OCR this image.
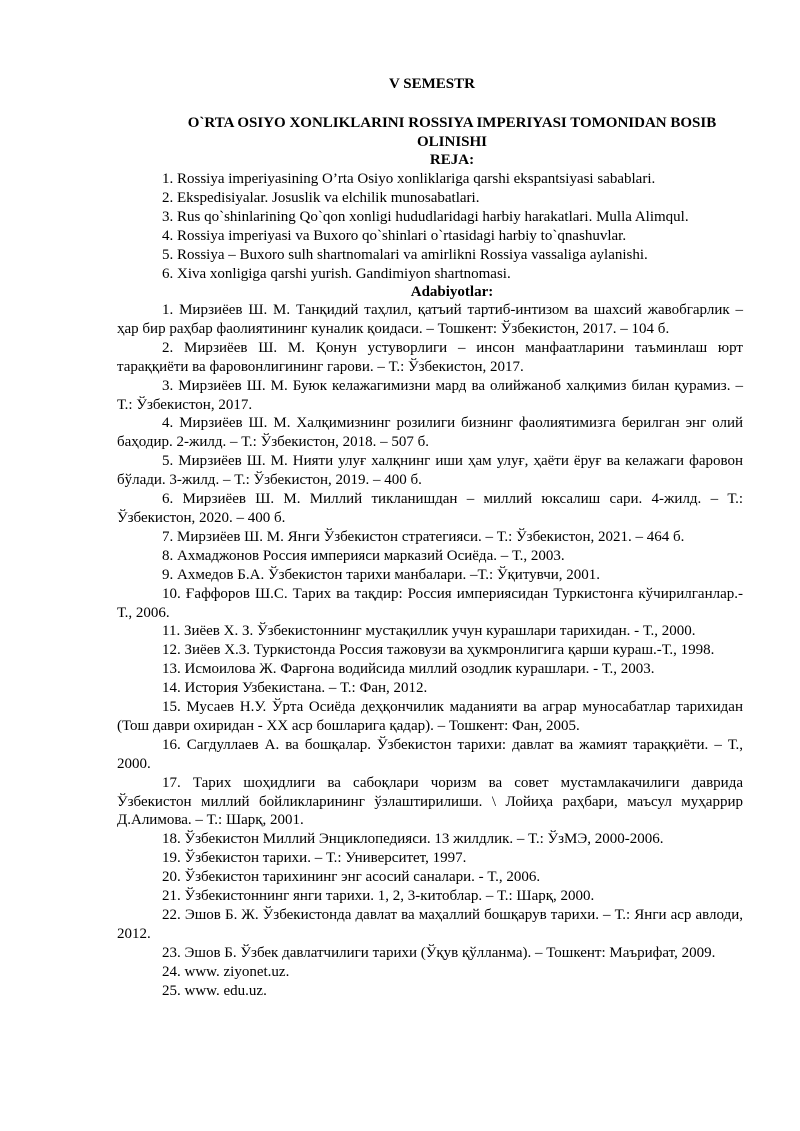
V SEMESTR
O`RTA OSIYO XONLIKLARINI ROSSIYA IMPERIYASI TOMONIDAN BOSIB OLINISHI
REJA:
1. Rossiya imperiyasining O’rta Osiyo xonliklariga qarshi ekspantsiyasi sabablari.
2. Ekspedisiyalar. Josuslik va elchilik munosabatlari.
3. Rus qo`shinlarining Qo`qon xonligi hududlaridagi harbiy harakatlari. Mulla Alimqul.
4. Rossiya imperiyasi va Buxoro qo`shinlari o`rtasidagi harbiy to`qnashuvlar.
5. Rossiya – Buxoro sulh shartnomalari va amirlikni Rossiya vassaliga aylanishi.
6. Xiva xonligiga qarshi yurish. Gandimiyon shartnomasi.
Adabiyotlar:
1. Мирзиёев Ш. М. Танқидий таҳлил, қатъий тартиб-интизом ва шахсий жавобгарлик – ҳар бир раҳбар фаолиятининг куналик қоидаси. – Тошкент: Ўзбекистон, 2017. – 104 б.
2. Мирзиёев Ш. М. Қонун устуворлиги – инсон манфаатларини таъминлаш юрт тараққиёти ва фаровонлигининг гарови. – Т.: Ўзбекистон, 2017.
3. Мирзиёев Ш. М. Буюк келажагимизни мард ва олийжаноб халқимиз билан қурамиз. – Т.: Ўзбекистон, 2017.
4. Мирзиёев Ш. М. Халқимизнинг розилиги бизнинг фаолиятимизга берилган энг олий баҳодир. 2-жилд. – Т.: Ўзбекистон, 2018. – 507 б.
5. Мирзиёев Ш. М. Нияти улуғ халқнинг иши ҳам улуғ, ҳаёти ёруғ ва келажаги фаровон бўлади. 3-жилд. – Т.: Ўзбекистон, 2019. – 400 б.
6. Мирзиёев Ш. М. Миллий тикланишдан – миллий юксалиш сари. 4-жилд. – Т.: Ўзбекистон, 2020. – 400 б.
7. Мирзиёев Ш. М. Янги Ўзбекистон стратегияси. – Т.: Ўзбекистон, 2021. – 464 б.
8. Ахмаджонов Россия империяси марказий Осиёда. – Т., 2003.
9. Ахмедов Б.А. Ўзбекистон тарихи манбалари. –Т.: Ўқитувчи, 2001.
10. Ғаффоров Ш.С. Тарих ва тақдир: Россия империясидан Туркистонга кўчирилганлар.-Т., 2006.
11. Зиёев Х. З. Ўзбекистоннинг мустақиллик учун курашлари тарихидан. - Т., 2000.
12. Зиёев Х.З. Туркистонда Россия тажовузи ва ҳукмронлигига қарши кураш.-Т., 1998.
13. Исмоилова Ж. Фарғона водийсида миллий озодлик курашлари. - Т., 2003.
14. История Узбекистана. – Т.: Фан, 2012.
15. Мусаев Н.У. Ўрта Осиёда деҳқончилик маданияти ва аграр муносабатлар тарихидан (Тош даври охиридан - ХХ аср бошларига қадар). – Тошкент: Фан, 2005.
16. Сагдуллаев А. ва бошқалар. Ўзбекистон тарихи: давлат ва жамият тараққиёти. – Т., 2000.
17. Тарих шоҳидлиги ва сабоқлари чоризм ва совет мустамлакачилиги даврида Ўзбекистон миллий бойликларининг ўзлаштирилиши. \ Лойиҳа раҳбари, маъсул муҳаррир Д.Алимова. – Т.: Шарқ, 2001.
18. Ўзбекистон Миллий Энциклопедияси. 13 жилдлик. – Т.: ЎзМЭ, 2000-2006.
19. Ўзбекистон тарихи. – Т.: Университет, 1997.
20. Ўзбекистон тарихининг энг асосий саналари. - Т., 2006.
21. Ўзбекистоннинг янги тарихи. 1, 2, 3-китоблар. – Т.: Шарқ, 2000.
22. Эшов Б. Ж. Ўзбекистонда давлат ва маҳаллий бошқарув тарихи. – Т.: Янги аср авлоди, 2012.
23. Эшов Б. Ўзбек давлатчилиги тарихи (Ўқув қўлланма). – Тошкент: Маърифат, 2009.
24. www. ziyonet.uz.
25. www. edu.uz.
